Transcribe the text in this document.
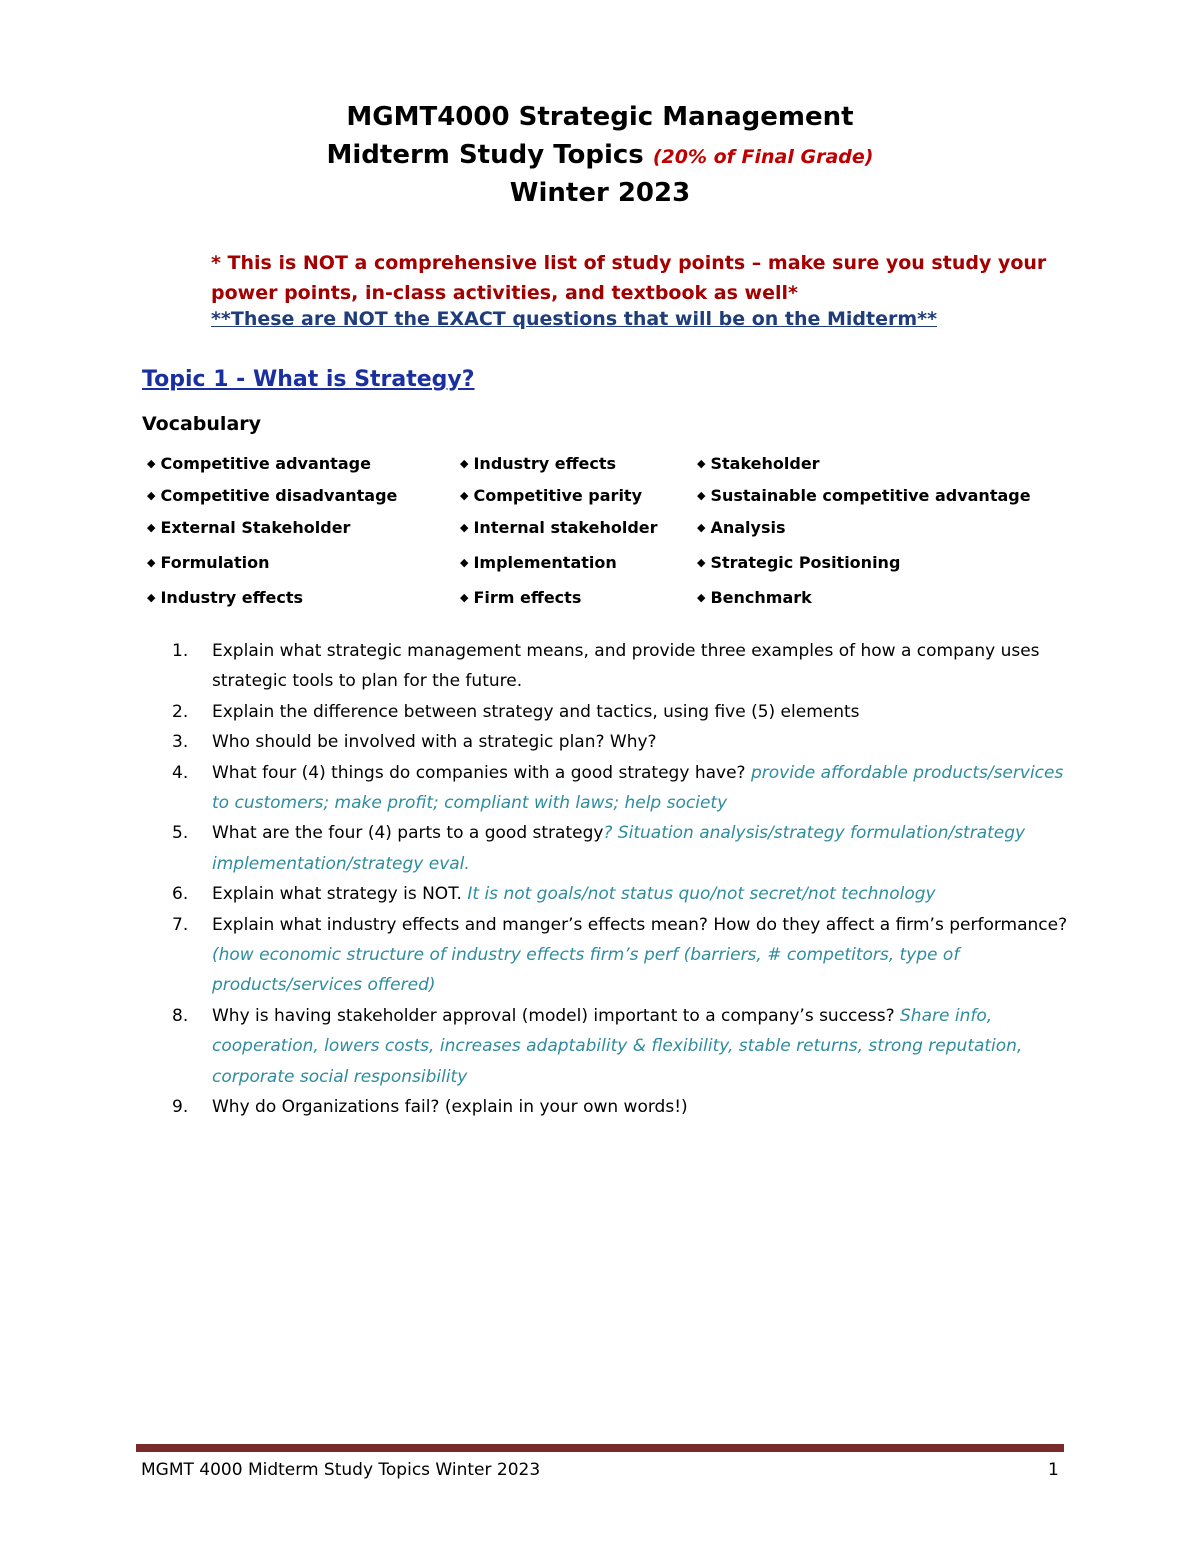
MGMT4000 Strategic Management
Midterm Study Topics (20% of Final Grade)
Winter 2023
* This is NOT a comprehensive list of study points – make sure you study your power points, in-class activities, and textbook as well*
**These are NOT the EXACT questions that will be on the Midterm**
Topic 1 - What is Strategy?
Vocabulary
◆ Competitive advantage	◆ Industry effects	◆ Stakeholder
◆ Competitive disadvantage	◆ Competitive parity	◆ Sustainable competitive advantage
◆ External Stakeholder	◆ Internal stakeholder	◆ Analysis
◆ Formulation	◆ Implementation	◆ Strategic Positioning
◆ Industry effects	◆ Firm effects	◆ Benchmark
1.	Explain what strategic management means, and provide three examples of how a company uses strategic tools to plan for the future.
2.	Explain the difference between strategy and tactics, using five (5) elements
3.	Who should be involved with a strategic plan? Why?
4.	What four (4) things do companies with a good strategy have? provide affordable products/services to customers; make profit; compliant with laws; help society
5.	What are the four (4) parts to a good strategy? Situation analysis/strategy formulation/strategy implementation/strategy eval.
6.	Explain what strategy is NOT. It is not goals/not status quo/not secret/not technology
7.	Explain what industry effects and manger’s effects mean? How do they affect a firm’s performance? (how economic structure of industry effects firm’s perf (barriers, # competitors, type of products/services offered)
8.	Why is having stakeholder approval (model) important to a company’s success? Share info, cooperation, lowers costs, increases adaptability & flexibility, stable returns, strong reputation, corporate social responsibility
9.	Why do Organizations fail? (explain in your own words!)
MGMT 4000 Midterm Study Topics Winter 2023	1
